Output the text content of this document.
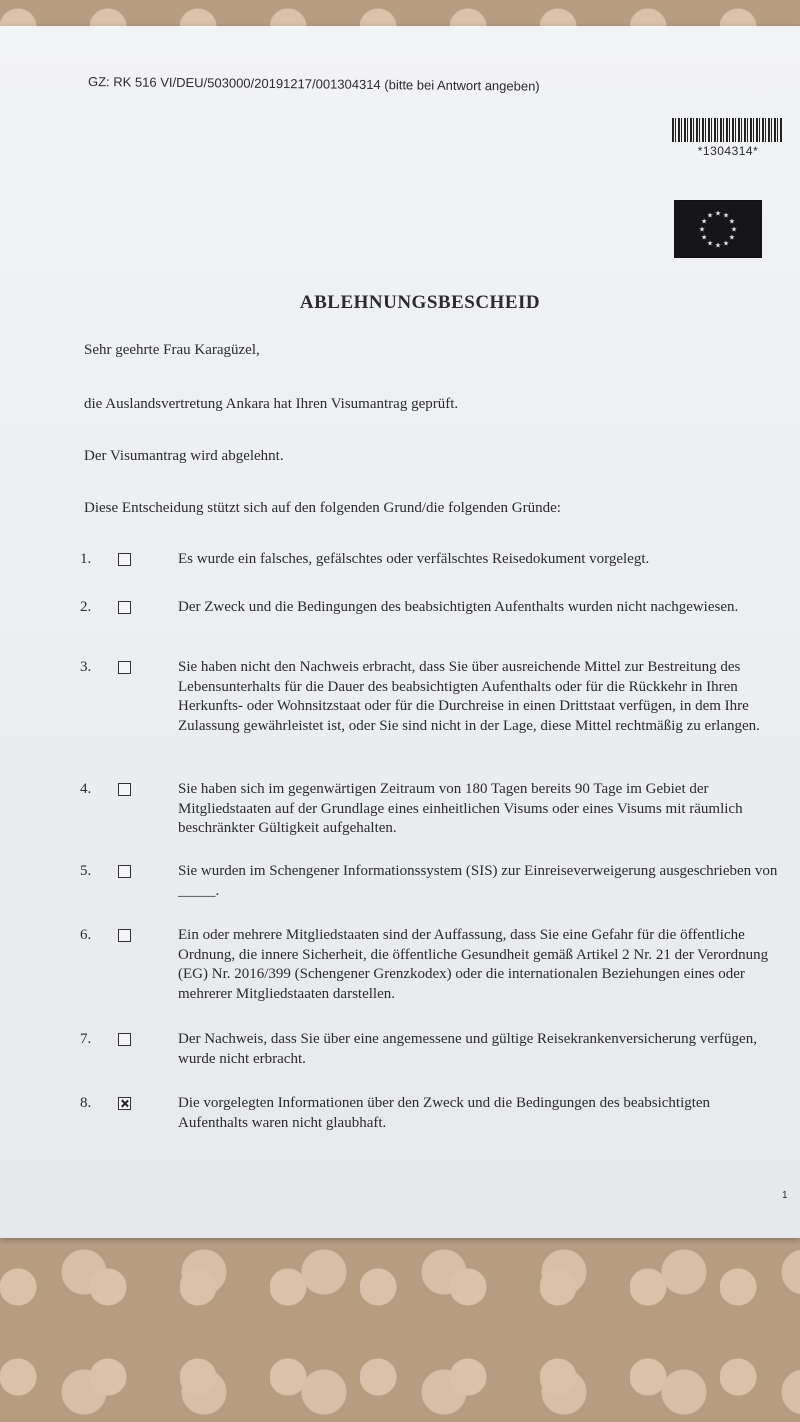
GZ: RK 516 VI/DEU/503000/20191217/001304314 (bitte bei Antwort angeben)
*1304314*
★ ★
★
★
★
★
★
★
★
★
★
★
ABLEHNUNGSBESCHEID
Sehr geehrte Frau Karagüzel,
die Auslandsvertretung Ankara hat Ihren Visumantrag geprüft.
Der Visumantrag wird abgelehnt.
Diese Entscheidung stützt sich auf den folgenden Grund/die folgenden Gründe:
1.	Es wurde ein falsches, gefälschtes oder verfälschtes Reisedokument vorgelegt.
2.	Der Zweck und die Bedingungen des beabsichtigten Aufenthalts wurden nicht nachgewiesen.
3.	Sie haben nicht den Nachweis erbracht, dass Sie über ausreichende Mittel zur Bestreitung des Lebensunterhalts für die Dauer des beabsichtigten Aufenthalts oder für die Rückkehr in Ihren Herkunfts- oder Wohnsitzstaat oder für die Durchreise in einen Drittstaat verfügen, in dem Ihre Zulassung gewährleistet ist, oder Sie sind nicht in der Lage, diese Mittel rechtmäßig zu erlangen.
4.	Sie haben sich im gegenwärtigen Zeitraum von 180 Tagen bereits 90 Tage im Gebiet der Mitgliedstaaten auf der Grundlage eines einheitlichen Visums oder eines Visums mit räumlich beschränkter Gültigkeit aufgehalten.
5.	Sie wurden im Schengener Informationssystem (SIS) zur Einreiseverweigerung ausgeschrieben von _____.
6.	Ein oder mehrere Mitgliedstaaten sind der Auffassung, dass Sie eine Gefahr für die öffentliche Ordnung, die innere Sicherheit, die öffentliche Gesundheit gemäß Artikel 2 Nr. 21 der Verordnung (EG) Nr. 2016/399 (Schengener Grenzkodex) oder die internationalen Beziehungen eines oder mehrerer Mitgliedstaaten darstellen.
7.	Der Nachweis, dass Sie über eine angemessene und gültige Reisekrankenversicherung verfügen, wurde nicht erbracht.
8.	Die vorgelegten Informationen über den Zweck und die Bedingungen des beabsichtigten Aufenthalts waren nicht glaubhaft.
1
